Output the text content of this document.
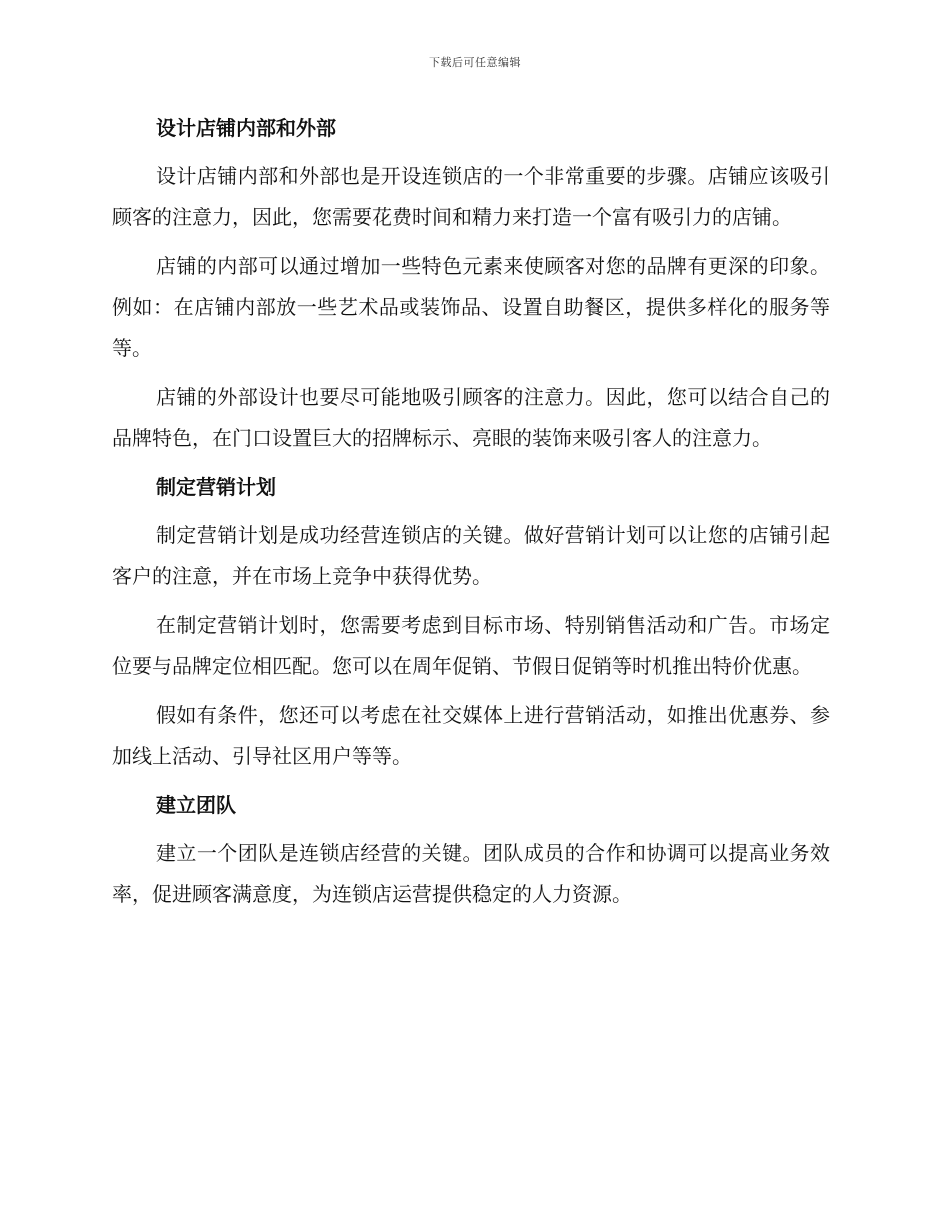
下载后可任意编辑
设计店铺内部和外部

设计店铺内部和外部也是开设连锁店的一个非常重要的步骤。店铺应该吸引顾客的注意力，因此，您需要花费时间和精力来打造一个富有吸引力的店铺。

店铺的内部可以通过增加一些特色元素来使顾客对您的品牌有更深的印象。例如：在店铺内部放一些艺术品或装饰品、设置自助餐区，提供多样化的服务等等。

店铺的外部设计也要尽可能地吸引顾客的注意力。因此，您可以结合自己的品牌特色，在门口设置巨大的招牌标示、亮眼的装饰来吸引客人的注意力。

制定营销计划

制定营销计划是成功经营连锁店的关键。做好营销计划可以让您的店铺引起客户的注意，并在市场上竞争中获得优势。

在制定营销计划时，您需要考虑到目标市场、特别销售活动和广告。市场定位要与品牌定位相匹配。您可以在周年促销、节假日促销等时机推出特价优惠。

假如有条件，您还可以考虑在社交媒体上进行营销活动，如推出优惠券、参加线上活动、引导社区用户等等。

建立团队

建立一个团队是连锁店经营的关键。团队成员的合作和协调可以提高业务效率，促进顾客满意度，为连锁店运营提供稳定的人力资源。
